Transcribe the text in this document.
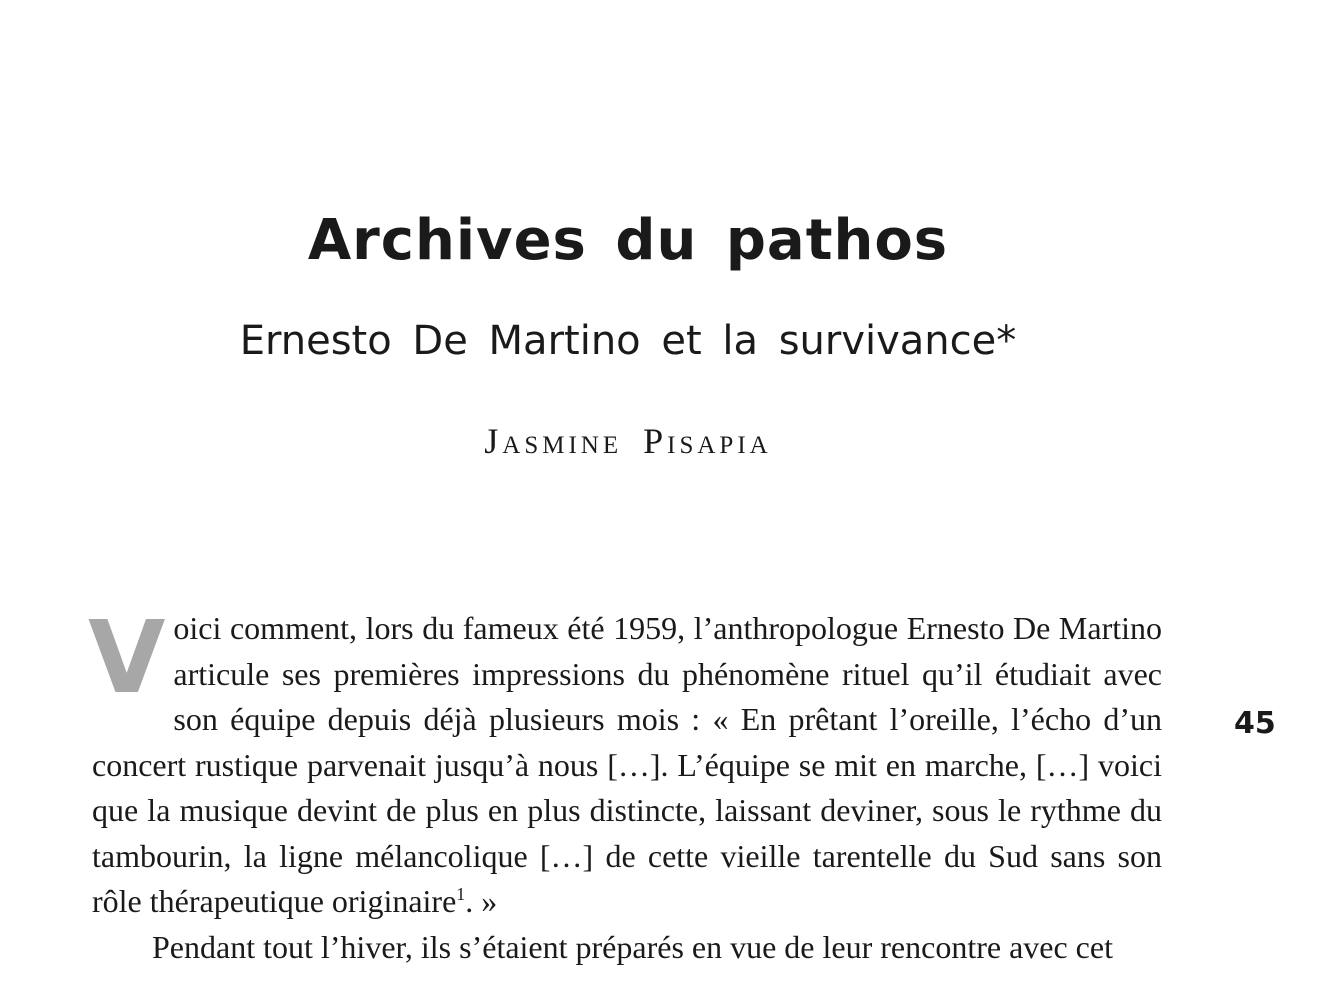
Archives du pathos
Ernesto De Martino et la survivance*
Jasmine Pisapia

Voici comment, lors du fameux été 1959, l’anthropologue Ernesto De Martino articule ses premières impressions du phénomène rituel qu’il étudiait avec son équipe depuis déjà plusieurs mois : « En prêtant l’oreille, l’écho d’un concert rustique parvenait jusqu’à nous […]. L’équipe se mit en marche, […] voici que la musique devint de plus en plus distincte, laissant deviner, sous le rythme du tambourin, la ligne mélancolique […] de cette vieille tarentelle du Sud sans son rôle thérapeutique originaire$^1$. »

Pendant tout l’hiver, ils s’étaient préparés en vue de leur rencontre avec cet

45
